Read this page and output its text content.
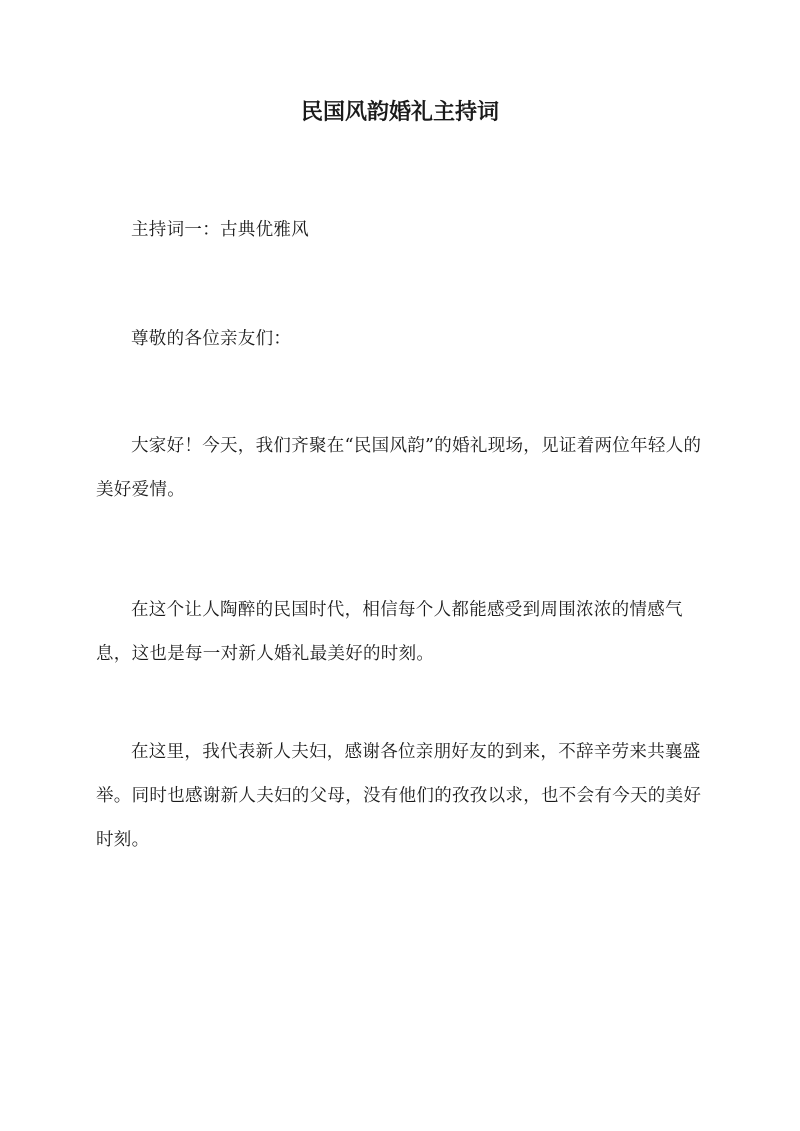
民国风韵婚礼主持词

主持词一：古典优雅风

尊敬的各位亲友们：

大家好！今天，我们齐聚在“民国风韵”的婚礼现场，见证着两位年轻人的美好爱情。

在这个让人陶醉的民国时代，相信每个人都能感受到周围浓浓的情感气息，这也是每一对新人婚礼最美好的时刻。

在这里，我代表新人夫妇，感谢各位亲朋好友的到来，不辞辛劳来共襄盛举。同时也感谢新人夫妇的父母，没有他们的孜孜以求，也不会有今天的美好时刻。
